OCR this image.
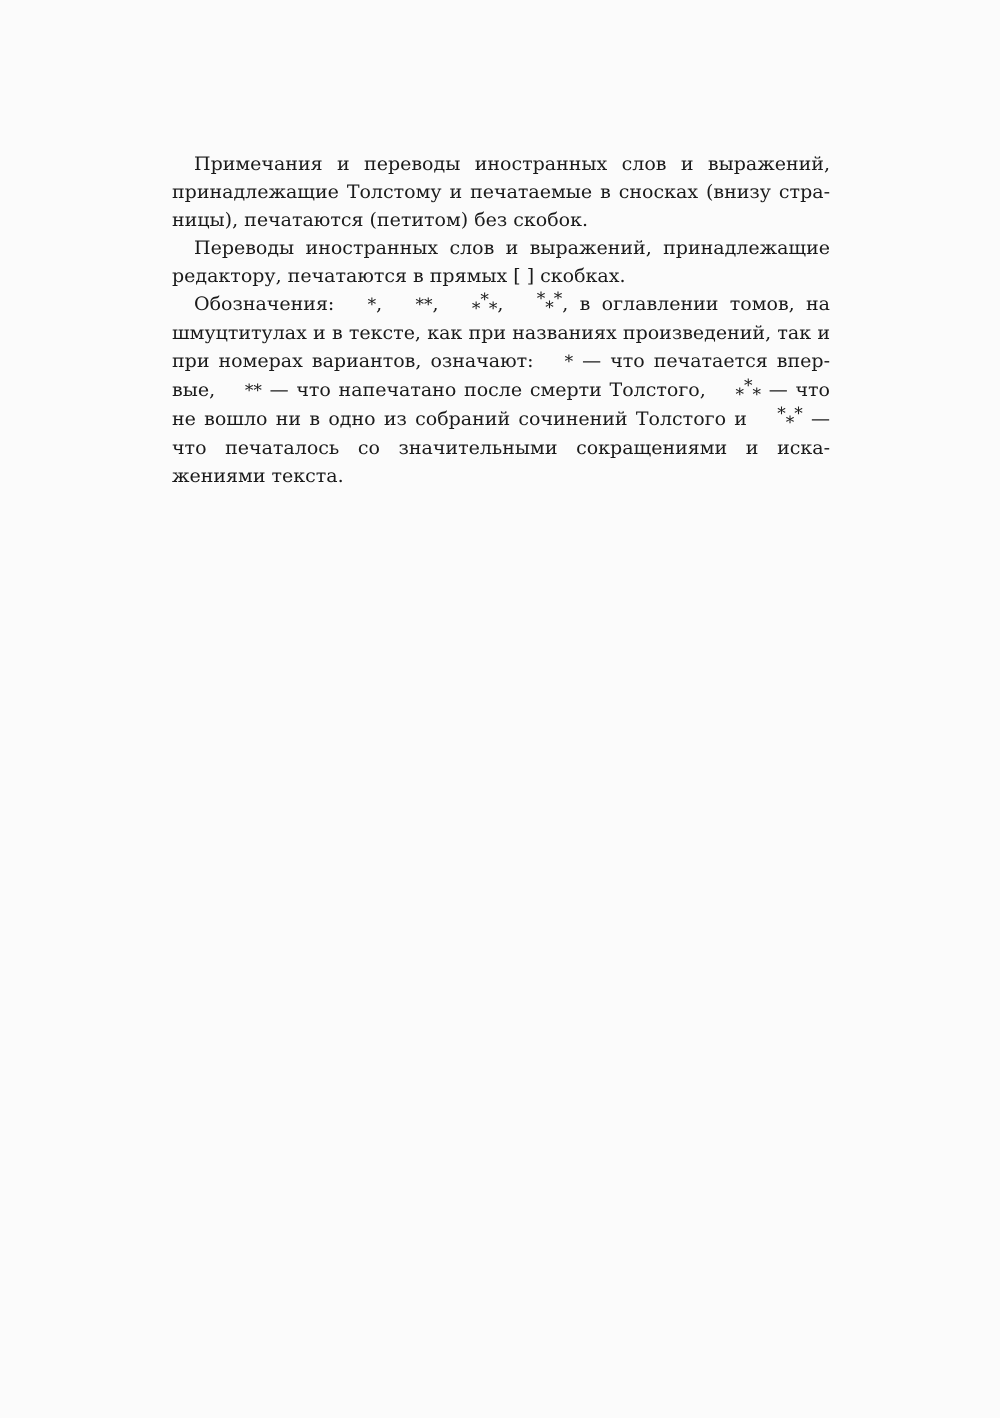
Примечания и переводы иностранных слов и выражений, принадлежащие Толстому и печатаемые в сносках (внизу страницы), печатаются (петитом) без скобок.

Переводы иностранных слов и выражений, принадлежащие редактору, печатаются в прямых [ ] скобках.

Обозначения: *, **, ***, ***, в оглавлении томов, на шмуцтитулах и в тексте, как при названиях произведений, так и при номерах вариантов, означают: * — что печатается впервые, ** — что напечатано после смерти Толстого, *** — что не вошло ни в одно из собраний сочинений Толстого и *** — что печаталось со значительными сокращениями и искажениями текста.
